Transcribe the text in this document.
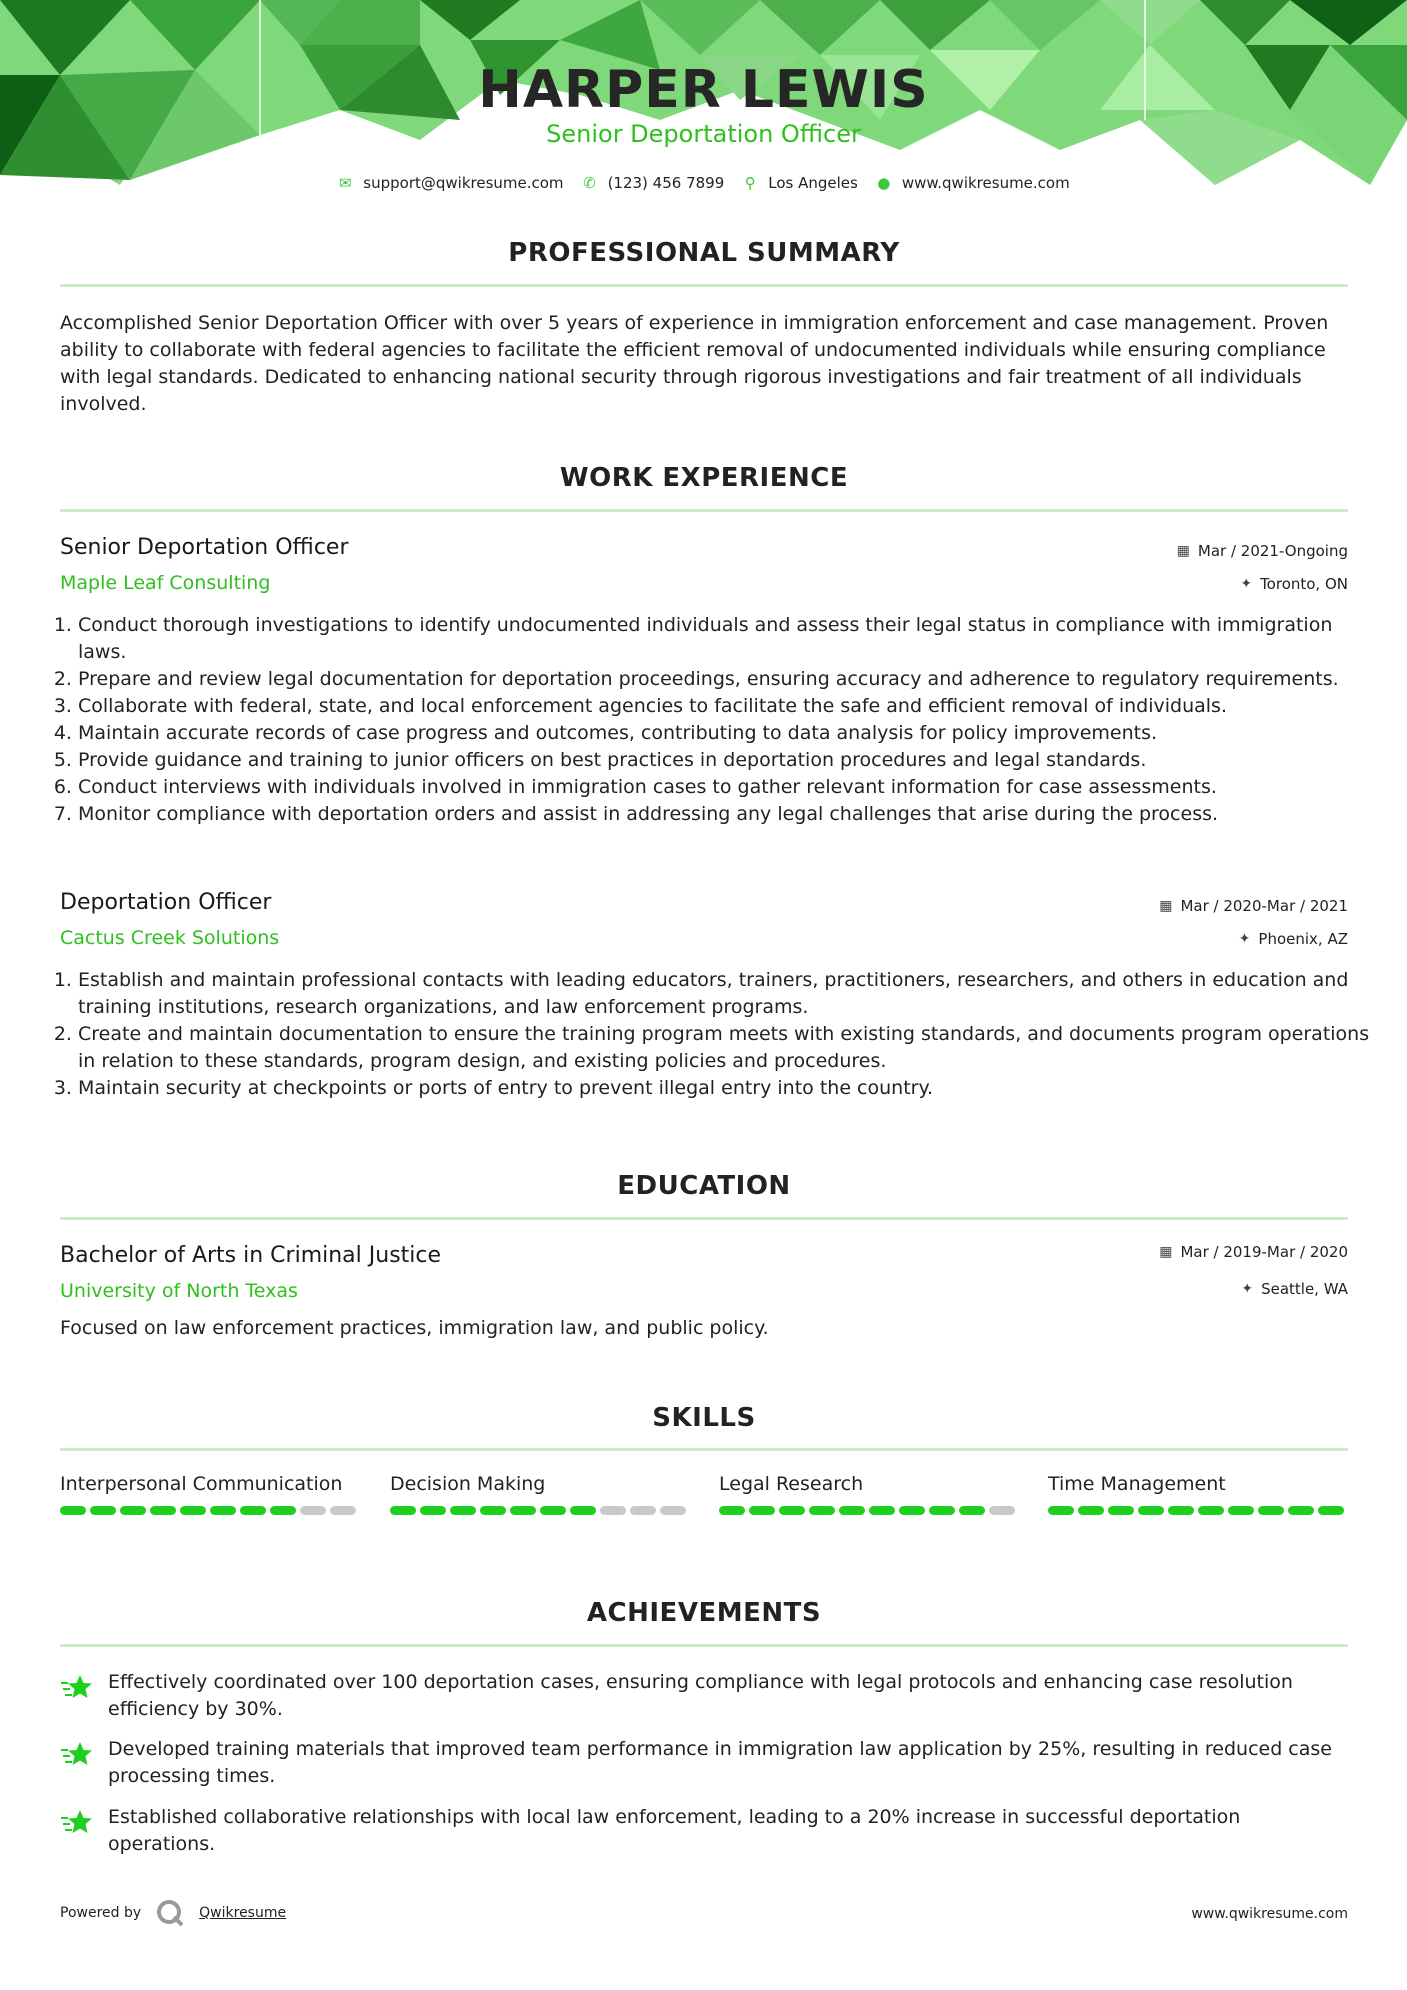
HARPER LEWIS
Senior Deportation Officer
✉ support@qwikresume.com ✆ (123) 456 7899 ⚲ Los Angeles ● www.qwikresume.com
PROFESSIONAL SUMMARY
Accomplished Senior Deportation Officer with over 5 years of experience in immigration enforcement and case management. Proven ability to collaborate with federal agencies to facilitate the efficient removal of undocumented individuals while ensuring compliance with legal standards. Dedicated to enhancing national security through rigorous investigations and fair treatment of all individuals involved.
WORK EXPERIENCE
Senior Deportation Officer	▦ Mar / 2021-Ongoing
Maple Leaf Consulting	✦ Toronto, ON
1. Conduct thorough investigations to identify undocumented individuals and assess their legal status in compliance with immigration laws.
2. Prepare and review legal documentation for deportation proceedings, ensuring accuracy and adherence to regulatory requirements.
3. Collaborate with federal, state, and local enforcement agencies to facilitate the safe and efficient removal of individuals.
4. Maintain accurate records of case progress and outcomes, contributing to data analysis for policy improvements.
5. Provide guidance and training to junior officers on best practices in deportation procedures and legal standards.
6. Conduct interviews with individuals involved in immigration cases to gather relevant information for case assessments.
7. Monitor compliance with deportation orders and assist in addressing any legal challenges that arise during the process.
Deportation Officer	▦ Mar / 2020-Mar / 2021
Cactus Creek Solutions	✦ Phoenix, AZ
1. Establish and maintain professional contacts with leading educators, trainers, practitioners, researchers, and others in education and training institutions, research organizations, and law enforcement programs.
2. Create and maintain documentation to ensure the training program meets with existing standards, and documents program operations in relation to these standards, program design, and existing policies and procedures.
3. Maintain security at checkpoints or ports of entry to prevent illegal entry into the country.
EDUCATION
Bachelor of Arts in Criminal Justice	▦ Mar / 2019-Mar / 2020
University of North Texas	✦ Seattle, WA
Focused on law enforcement practices, immigration law, and public policy.
SKILLS
Interpersonal Communication	Decision Making	Legal Research	Time Management
ACHIEVEMENTS
Effectively coordinated over 100 deportation cases, ensuring compliance with legal protocols and enhancing case resolution efficiency by 30%.
Developed training materials that improved team performance in immigration law application by 25%, resulting in reduced case processing times.
Established collaborative relationships with local law enforcement, leading to a 20% increase in successful deportation operations.
Powered by	Qwikresume	www.qwikresume.com
